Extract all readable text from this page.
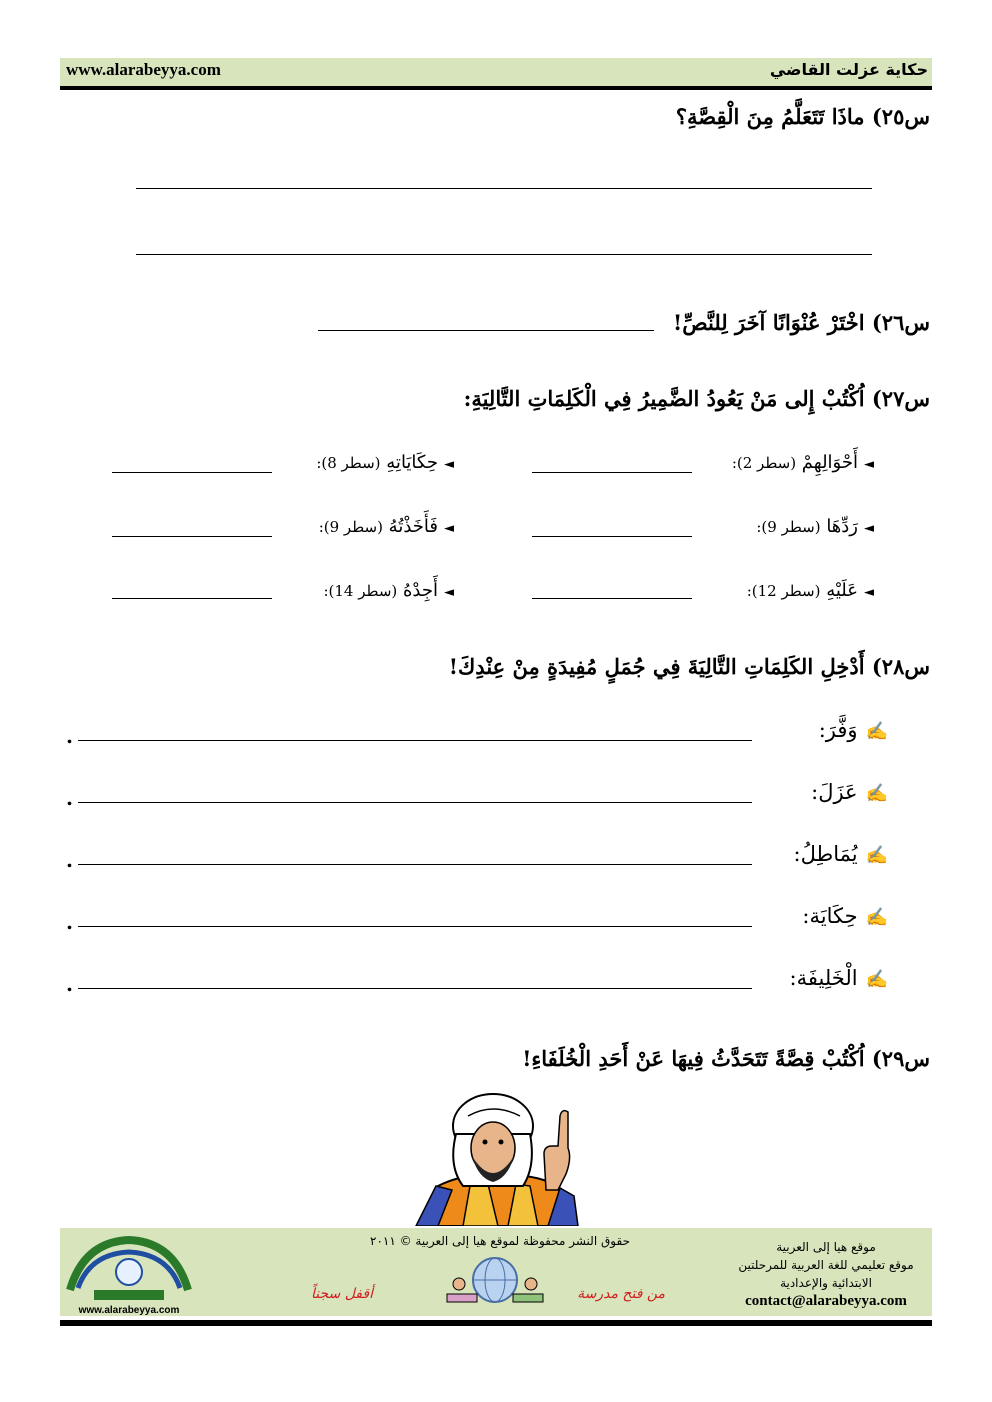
www.alarabeyya.com	حكاية عزلت القاضي
س٢٥) ماذَا تَتَعَلَّمُ مِنَ الْقِصَّةِ؟
س٢٦) اخْتَرْ عُنْوَانًا آخَرَ لِلنَّصِّ!
س٢٧) اُكْتُبْ إِلى مَنْ يَعُودُ الضَّمِيرُ فِي الْكَلِمَاتِ التَّالِيَةِ:
◄أَحْوَالِهِمْ (سطر 2):
◄حِكَايَاتِهِ (سطر 8):
◄رَدِّهَا (سطر 9):
◄فَأَخَذْتُهُ (سطر 9):
◄عَلَيْهِ (سطر 12):
◄أَجِدْهُ (سطر 14):
س٢٨) أَدْخِلِ الكَلِمَاتِ التَّالِيَةَ فِي جُمَلٍ مُفِيدَةٍ مِنْ عِنْدِكَ!
✍وَفَّرَ:
.
✍عَزَلَ:
.
✍يُمَاطِلُ:
.
✍حِكَايَة:
.
✍الْخَلِيفَة:
.
س٢٩) اُكْتُبْ قِصَّةً تَتَحَدَّثُ فِيهَا عَنْ أَحَدِ الْخُلَفَاءِ!
موقع هيا إلى العربية
موقع تعليمي للغة العربية للمرحلتين
الابتدائية والإعدادية
contact@alarabeyya.com
حقوق النشر محفوظة لموقع هيا إلى العربية © ٢٠١١
من فتح مدرسة
أقفل سجناً
www.alarabeyya.com
